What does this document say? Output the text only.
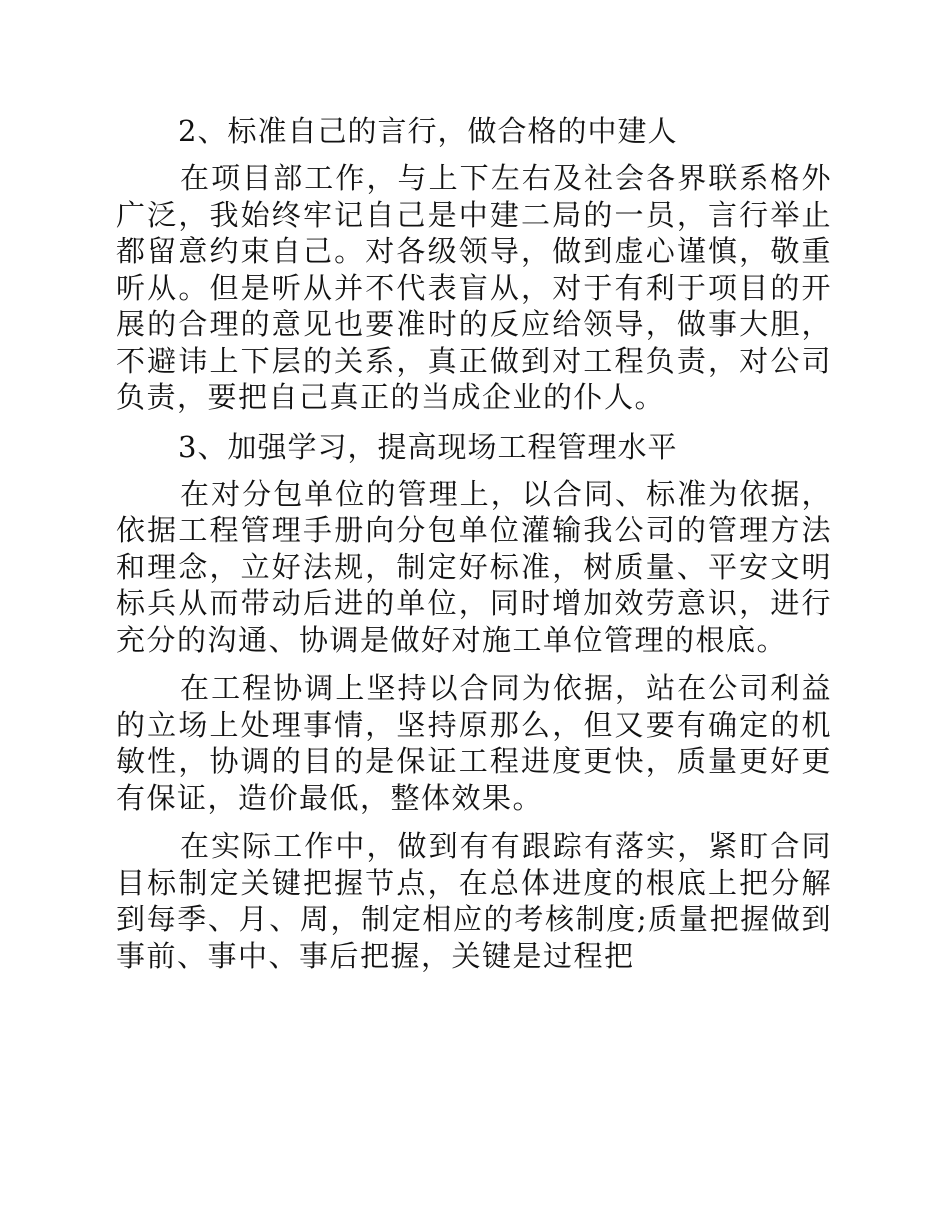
2、标准自己的言行，做合格的中建人
在项目部工作，与上下左右及社会各界联系格外广泛，我始终牢记自己是中建二局的一员，言行举止都留意约束自己。对各级领导，做到虚心谨慎，敬重听从。但是听从并不代表盲从，对于有利于项目的开展的合理的意见也要准时的反应给领导，做事大胆，不避讳上下层的关系，真正做到对工程负责，对公司负责，要把自己真正的当成企业的仆人。
3、加强学习，提高现场工程管理水平
在对分包单位的管理上，以合同、标准为依据，依据工程管理手册向分包单位灌输我公司的管理方法和理念，立好法规，制定好标准，树质量、平安文明标兵从而带动后进的单位，同时增加效劳意识，进行充分的沟通、协调是做好对施工单位管理的根底。
在工程协调上坚持以合同为依据，站在公司利益的立场上处理事情，坚持原那么，但又要有确定的机敏性，协调的目的是保证工程进度更快，质量更好更有保证，造价最低，整体效果。
在实际工作中，做到有有跟踪有落实，紧盯合同目标制定关键把握节点，在总体进度的根底上把分解到每季、月、周，制定相应的考核制度;质量把握做到事前、事中、事后把握，关键是过程把
